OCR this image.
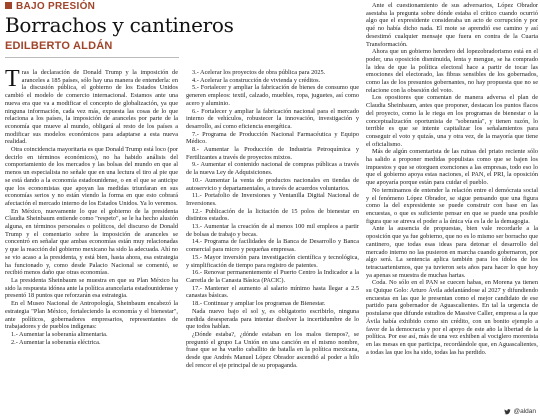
BAJO PRESIÓN
Borrachos y cantineros
EDILBERTO ALDÁN

Tras la declaración de Donald Trump y la imposición de aranceles a 185 países, sólo hay una manera de entenderla: en la discusión pública, el gobierno de los Estados Unidos cambió el modelo de comercio internacional. Estamos ante una nueva era que va a modificar el concepto de globalización, ya que ninguna información, cada vez más, expuesta las cosas de lo que relaciona a los países, la imposición de aranceles por parte de la economía que mueve al mundo, obligará al resto de los países a modificar sus modelos económicos para adaptarse a esta nueva realidad.

Otra coincidencia mayoritaria es que Donald Trump está loco (por decirlo en términos económicos), no ha habido análisis del comportamiento de los mercados y las bolsas del mundo en que al menos un especialista no señale que en una lectura el tiro al pie que se está dando a la economía estadounidense, o en el que se anticipe que los economistas que apoyan las medidas triunfaran en sus economías serios y no están viendo la forma en que esto cobrará afectación el mercado interno de los Estados Unidos. Ya lo veremos.

En México, nuevamente lo que el gobierno de la presidenta Claudia Sheinbaum entiende como "respeto", se le ha hecho alusión alguna, en términos personales o políticos, del discurso de Donald Trump y el comentario sobre la imposición de aranceles se concentró en señalar que ambas economías están muy relacionadas y que la reacción del gobierno mexicano ha sido la adecuada. Ahí no se vio acaso a la presidenta, y está bien, hasta ahora, esa estrategia ha funcionado y, como desde Palacio Nacional se comentó, se recibió menos daño que otras economías.

La presidenta Sheinbaum se muestra en que su Plan México ha sido la respuesta idónea ante la política arancelaria estadounidense y presentó 18 puntos que reforzarán esa estrategia.

En el Museo Nacional de Antropología, Sheinbaum encabezó la estrategia "Plan México, fortaleciendo la economía y el bienestar", ante políticos, gobernadores empresarios, representantes de trabajadores y de pueblos indígenas:

1.- Aumentar la soberanía alimentaria.

2.- Aumentar la soberanía eléctrica.

3.- Acelerar los proyectos de obra pública para 2025.

4.- Acelerar la construcción de vivienda y créditos.

5.- Fortalecer y ampliar la fabricación de bienes de consumo que generen empleos: textil, calzado, muebles, ropa, juguetes, así como acero y aluminio.

6.- Fortalecer y ampliar la fabricación nacional para el mercado interno de vehículos, robustecer la innovación, investigación y desarrollo, así como eficiencia energética.

7.- Programa de Producción Nacional Farmacéutica y Equipo Médico.

8.- Aumentar la Producción de Industria Petroquímica y Fertilizantes a través de proyectos mixtos.

9.- Aumentar el contenido nacional de compras públicas a través de la nueva Ley de Adquisiciones.

10.- Aumentar la venta de productos nacionales en tiendas de autoservicio y departamentales, a través de acuerdos voluntarios.

11.- Portafolio de Inversiones y Ventanilla Digital Nacional de Inversiones.

12.- Publicación de la licitación de 15 polos de bienestar en distintos estados.

13.- Aumentar la creación de al menos 100 mil empleos a partir de bolsas de trabajo y becas.

14.- Programa de facilidades de la Banca de Desarrollo y Banca comercial para micro y pequeñas empresas.

15.- Mayor inversión para investigación científica y tecnológica, y simplificación de tiempo para registro de patentes.

16.- Renovar permanentemente el Puerto Centro la Indicador a la Carretla de la Canasta Básica (PACIC).

17.- Mantener el aumento al salario mínimo hasta llegar a 2.5 canastas básicas.

18.- Continuar y ampliar los programas de Bienestar.

Nada nuevo bajo el sol y, es obligatorio escribirlo, ninguna medida desesperada para intentar disolver la incertidumbre de lo que todos hablan.

¿Dónde estaba?, ¿dónde estaban en los malos tiempos?, se preguntó el grupo La Unión en una canción en el mismo nombre, frase que se ha vuelto caballito de batalla en la política mexicana, desde que Andrés Manuel López Obrador ascendió al poder a hilo del rencor el eje principal de su propaganda.

Ante el cuestionamiento de sus adversarios, López Obrador asestaba la pregunta sobre dónde estaba el crítico cuando ocurrió algo que el expresidente consideraba un acto de corrupción y por qué no había dicho nada. El mote se aprendió ese camino y así desestimó cualquier mensaje que fuera en contra de la Cuarta Transformación.

Ahora que un gobierno heredero del lopezobradorismo está en el poder, una oposición disminuida, lenta y mengue, se ha comprado la idea de que la política electoral hace a partir de tocar las emociones del electorado, las fibras sensibles de los gobernados, como las de los presuntos gobernantes, no hay propuesta que no se relacione con la obsesión del voto.

Los opositores que comentan de manera adversa el plan de Claudia Sheinbaum, antes que proponer, destacan los puntos flacos del proyecto, como la le riega en los programas de bienestar o la conceptualización oportunista de "soberanía", y tienen razón, lo terrible es que se intente capitalizar los señalamientos para conseguir el voto y quizás, una y otra vez, de la mayoría que tiene el oficialismo.

Más de algún comentarista de las ruinas del priato reciente sólo ha salido a proponer medidas populistas como que se bajen los impuestos y que se otorguen exenciones a las empresas, todo eso lo que el gobierno apoya estas naciones, el PAN, el PRI, la oposición que apoyaría porque están para cuidar el pueblo.

No terminamos de entender la relación entre el demócrata social y el fenómeno López Obrador, se sigue pensando que una figura como la del expresidente se puede construir con base en las encuestas, o que es suficiente pensar en que se puede una posible figura que se atreva el poder a la única vía es la de la demagogia.

Ante la ausencia de propuestas, bien vale recordarle a la oposición que ya fue gobierno, que no es lo mismo ser borracho que cantinero, que todas esas ideas para detonar el desarrollo del mercado interno no las pusieron en marcha cuando gobernaron, por algo será. La sentencia aplica también para los ídolos de los tetracuartenismos, que ya tuvieron seis años para hacer lo que hoy ya apenas se muestra de muchas hartas.

Coda. No sólo en el PAN se cuecen habas, en Morena ya tienen su Quique Golo: Arturo Ávila adelantándose al 2027 y difundiendo encuestas en las que le presentan como el mejor candidato de ese partido para gobernador de Aguascalientes. En tal la urgencia de postularse que difunde estudios de Massive Caller, empresa a la que Ávila había exhibido como sin crédito, con un bonito ejemplo a favor de la democracia y por el apoyo de este año la libertad de la política. Por ese así, más de una vez exhiben al vociglero morenista en las mesas en que participa, recordándole que, en Aguascalientes, a todas las que los ha sido, todas las ha perdido.

@aldan
